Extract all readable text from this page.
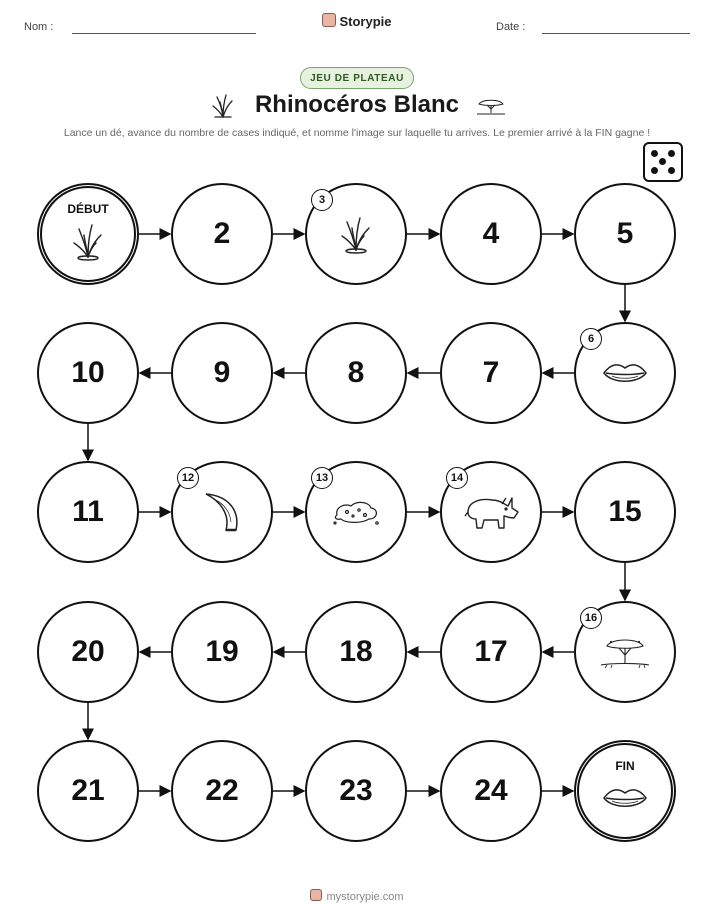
Nom :	Storypie	Date :
JEU DE PLATEAU
Rhinocéros Blanc
Lance un dé, avance du nombre de cases indiqué, et nomme l'image sur laquelle tu arrives. Le premier arrivé à la FIN gagne !
DÉBUT
2
3
4	5
6
7
8
9
10
11
12	13	14
15
16
17
18
19
20
21	22	23	24
FIN
mystorypie.com
